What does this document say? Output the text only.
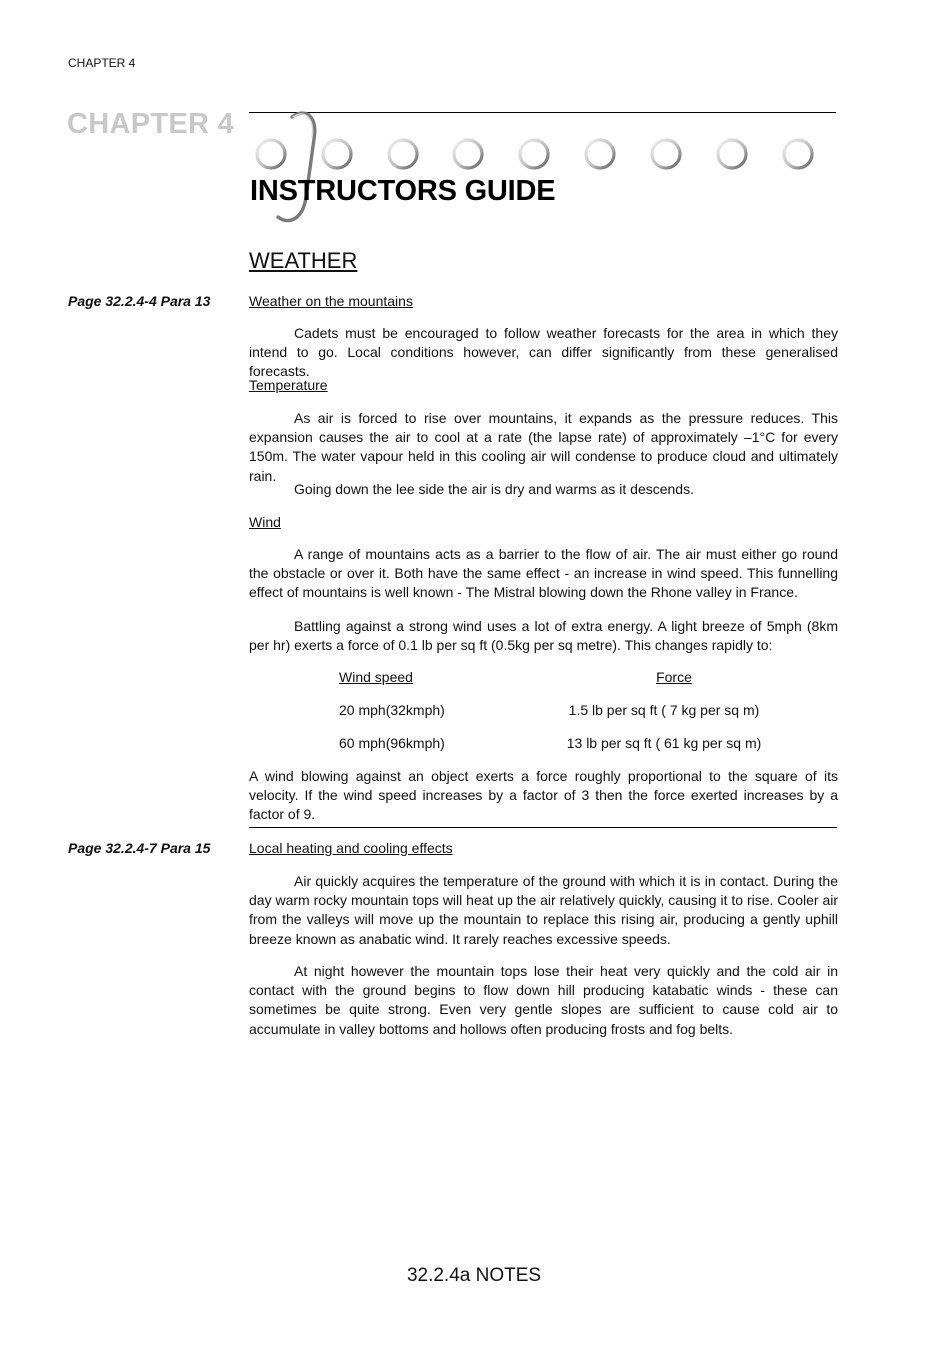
CHAPTER 4
CHAPTER 4
INSTRUCTORS GUIDE
WEATHER
Page 32.2.4-4 Para 13	Weather on the mountains

Cadets must be encouraged to follow weather forecasts for the area in which they intend to go. Local conditions however, can differ significantly from these generalised forecasts.

Temperature

As air is forced to rise over mountains, it expands as the pressure reduces. This expansion causes the air to cool at a rate (the lapse rate) of approximately –1°C for every 150m. The water vapour held in this cooling air will condense to produce cloud and ultimately rain.

Going down the lee side the air is dry and warms as it descends.

Wind

A range of mountains acts as a barrier to the flow of air. The air must either go round the obstacle or over it. Both have the same effect - an increase in wind speed. This funnelling effect of mountains is well known - The Mistral blowing down the Rhone valley in France.

Battling against a strong wind uses a lot of extra energy. A light breeze of 5mph (8km per hr) exerts a force of 0.1 lb per sq ft (0.5kg per sq metre). This changes rapidly to:

Wind speed	Force
20 mph(32kmph)	1.5 lb per sq ft ( 7 kg per sq m)
60 mph(96kmph)	13 lb per sq ft ( 61 kg per sq m)

A wind blowing against an object exerts a force roughly proportional to the square of its velocity. If the wind speed increases by a factor of 3 then the force exerted increases by a factor of 9.

Page 32.2.4-7 Para 15	Local heating and cooling effects

Air quickly acquires the temperature of the ground with which it is in contact. During the day warm rocky mountain tops will heat up the air relatively quickly, causing it to rise. Cooler air from the valleys will move up the mountain to replace this rising air, producing a gently uphill breeze known as anabatic wind. It rarely reaches excessive speeds.

At night however the mountain tops lose their heat very quickly and the cold air in contact with the ground begins to flow down hill producing katabatic winds - these can sometimes be quite strong. Even very gentle slopes are sufficient to cause cold air to accumulate in valley bottoms and hollows often producing frosts and fog belts.

32.2.4a NOTES
